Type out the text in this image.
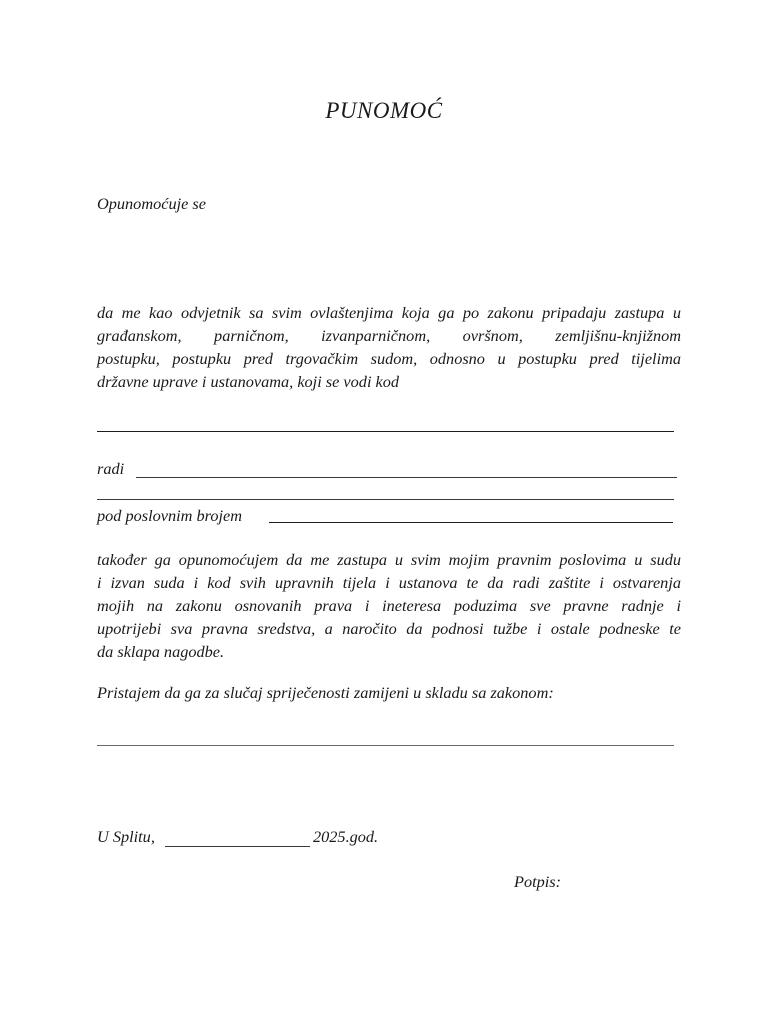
PUNOMOĆ
Opunomoćuje se
da me kao odvjetnik sa svim ovlaštenjima koja ga po zakonu pripadaju zastupa u
građanskom, parničnom, izvanparničnom, ovršnom, zemljišnu-knjižnom
postupku, postupku pred trgovačkim sudom, odnosno u postupku pred tijelima
državne uprave i ustanovama, koji se vodi kod
radi
pod poslovnim brojem
također ga opunomoćujem da me zastupa u svim mojim pravnim poslovima u sudu
i izvan suda i kod svih upravnih tijela i ustanova te da radi zaštite i ostvarenja
mojih na zakonu osnovanih prava i ineteresa poduzima sve pravne radnje i
upotrijebi sva pravna sredstva, a naročito da podnosi tužbe i ostale podneske te
da sklapa nagodbe.
Pristajem da ga za slučaj spriječenosti zamijeni u skladu sa zakonom:
U Splitu,	2025.god.
Potpis:
